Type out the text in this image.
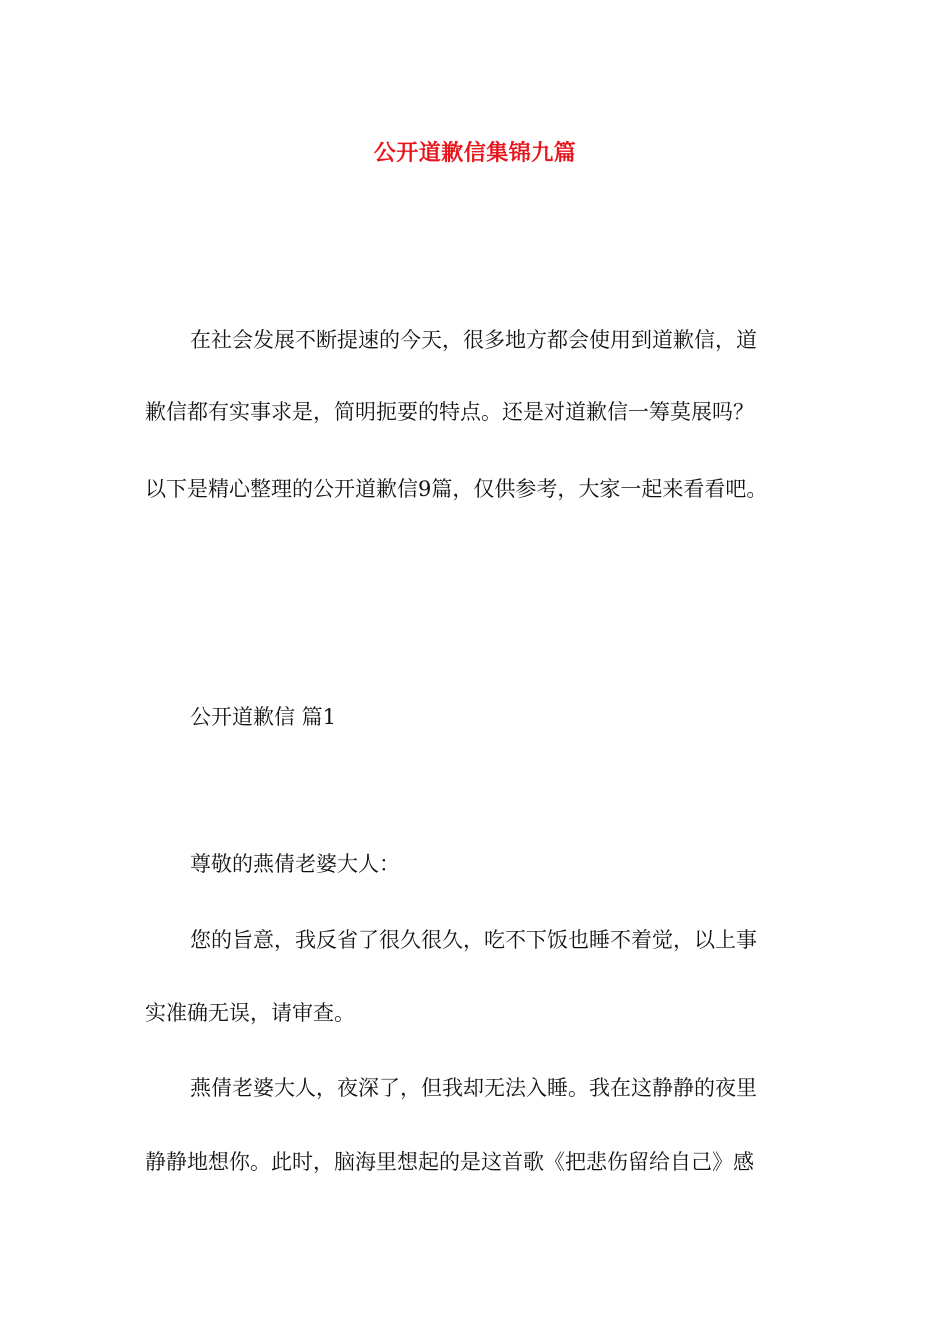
公开道歉信集锦九篇
在社会发展不断提速的今天，很多地方都会使用到道歉信，道
歉信都有实事求是，简明扼要的特点。还是对道歉信一筹莫展吗？
以下是精心整理的公开道歉信9篇，仅供参考，大家一起来看看吧。
公开道歉信 篇1
尊敬的燕倩老婆大人：
您的旨意，我反省了很久很久，吃不下饭也睡不着觉，以上事
实准确无误，请审查。
燕倩老婆大人，夜深了，但我却无法入睡。我在这静静的夜里
静静地想你。此时，脑海里想起的是这首歌《把悲伤留给自己》感
